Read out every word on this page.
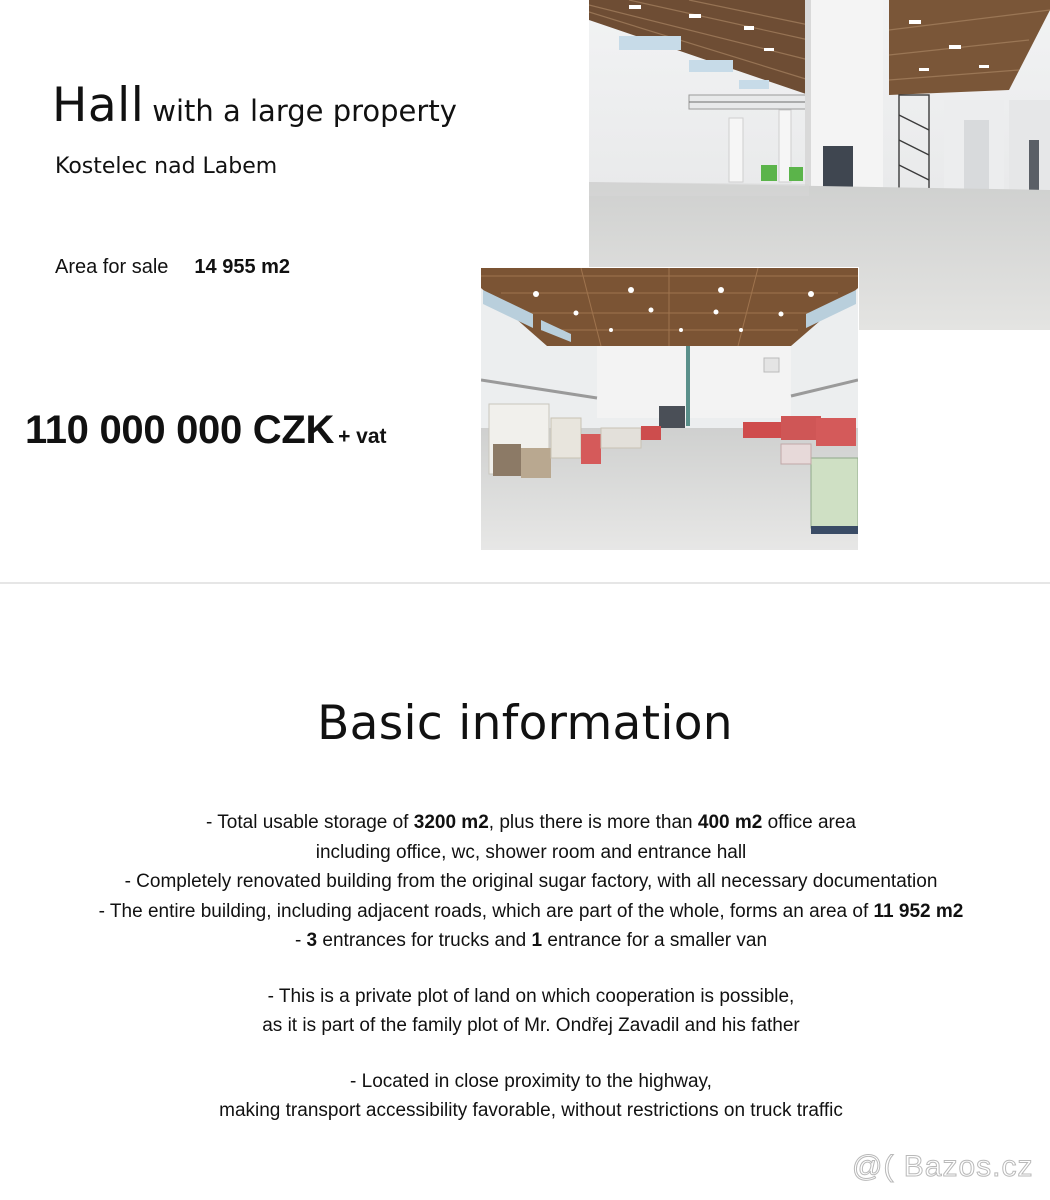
Hall with a large property
Kostelec nad Labem
Area for sale 14 955 m2
110 000 000 CZK + vat
Basic information
- Total usable storage of 3200 m2, plus there is more than 400 m2 office area
including office, wc, shower room and entrance hall
- Completely renovated building from the original sugar factory, with all necessary documentation
- The entire building, including adjacent roads, which are part of the whole, forms an area of 11 952 m2
- 3 entrances for trucks and 1 entrance for a smaller van
- This is a private plot of land on which cooperation is possible,
as it is part of the family plot of Mr. Ondřej Zavadil and his father
- Located in close proximity to the highway,
making transport accessibility favorable, without restrictions on truck traffic
@( Bazos.cz
